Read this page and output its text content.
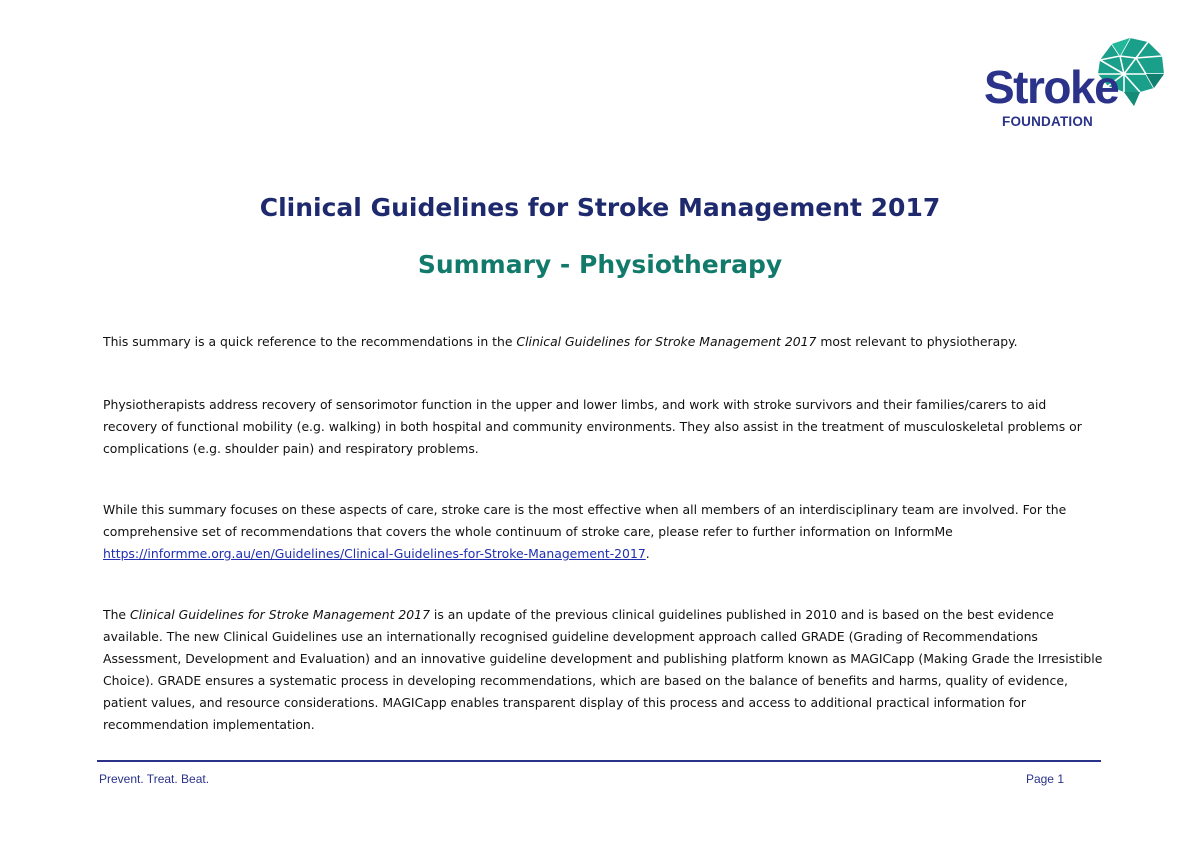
Stroke
FOUNDATION
Clinical Guidelines for Stroke Management 2017
Summary - Physiotherapy

This summary is a quick reference to the recommendations in the Clinical Guidelines for Stroke Management 2017 most relevant to physiotherapy.

Physiotherapists address recovery of sensorimotor function in the upper and lower limbs, and work with stroke survivors and their families/carers to aid recovery of functional mobility (e.g. walking) in both hospital and community environments. They also assist in the treatment of musculoskeletal problems or complications (e.g. shoulder pain) and respiratory problems.

While this summary focuses on these aspects of care, stroke care is the most effective when all members of an interdisciplinary team are involved. For the comprehensive set of recommendations that covers the whole continuum of stroke care, please refer to further information on InformMe https://informme.org.au/en/Guidelines/Clinical-Guidelines-for-Stroke-Management-2017.

The Clinical Guidelines for Stroke Management 2017 is an update of the previous clinical guidelines published in 2010 and is based on the best evidence available. The new Clinical Guidelines use an internationally recognised guideline development approach called GRADE (Grading of Recommendations Assessment, Development and Evaluation) and an innovative guideline development and publishing platform known as MAGICapp (Making Grade the Irresistible Choice). GRADE ensures a systematic process in developing recommendations, which are based on the balance of benefits and harms, quality of evidence, patient values, and resource considerations. MAGICapp enables transparent display of this process and access to additional practical information for recommendation implementation.

Prevent. Treat. Beat.	Page 1
